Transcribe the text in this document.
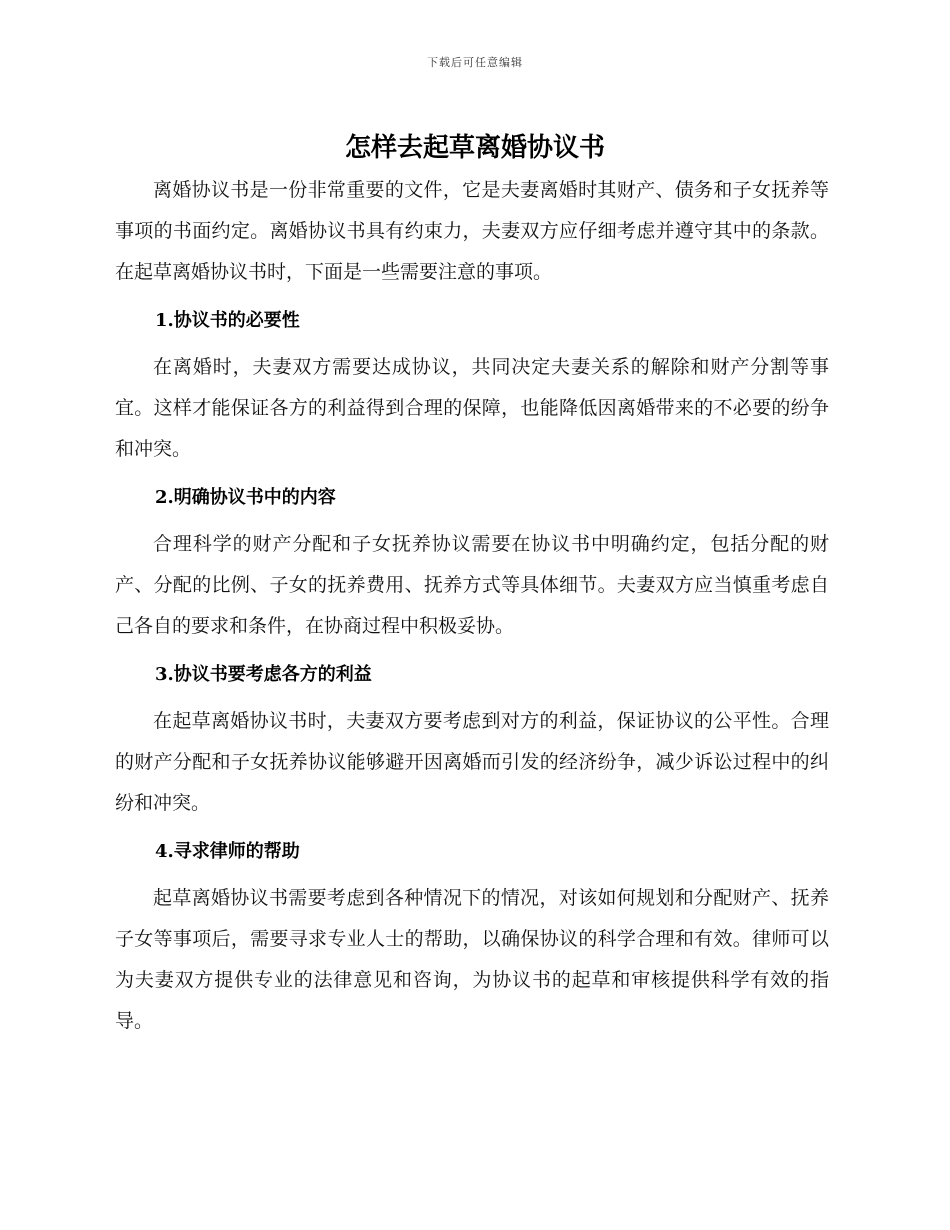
下载后可任意编辑
怎样去起草离婚协议书

离婚协议书是一份非常重要的文件，它是夫妻离婚时其财产、债务和子女抚养等事项的书面约定。离婚协议书具有约束力，夫妻双方应仔细考虑并遵守其中的条款。在起草离婚协议书时，下面是一些需要注意的事项。

1.协议书的必要性

在离婚时，夫妻双方需要达成协议，共同决定夫妻关系的解除和财产分割等事宜。这样才能保证各方的利益得到合理的保障，也能降低因离婚带来的不必要的纷争和冲突。

2.明确协议书中的内容

合理科学的财产分配和子女抚养协议需要在协议书中明确约定，包括分配的财产、分配的比例、子女的抚养费用、抚养方式等具体细节。夫妻双方应当慎重考虑自己各自的要求和条件，在协商过程中积极妥协。

3.协议书要考虑各方的利益

在起草离婚协议书时，夫妻双方要考虑到对方的利益，保证协议的公平性。合理的财产分配和子女抚养协议能够避开因离婚而引发的经济纷争，减少诉讼过程中的纠纷和冲突。

4.寻求律师的帮助

起草离婚协议书需要考虑到各种情况下的情况，对该如何规划和分配财产、抚养子女等事项后，需要寻求专业人士的帮助，以确保协议的科学合理和有效。律师可以为夫妻双方提供专业的法律意见和咨询，为协议书的起草和审核提供科学有效的指导。
